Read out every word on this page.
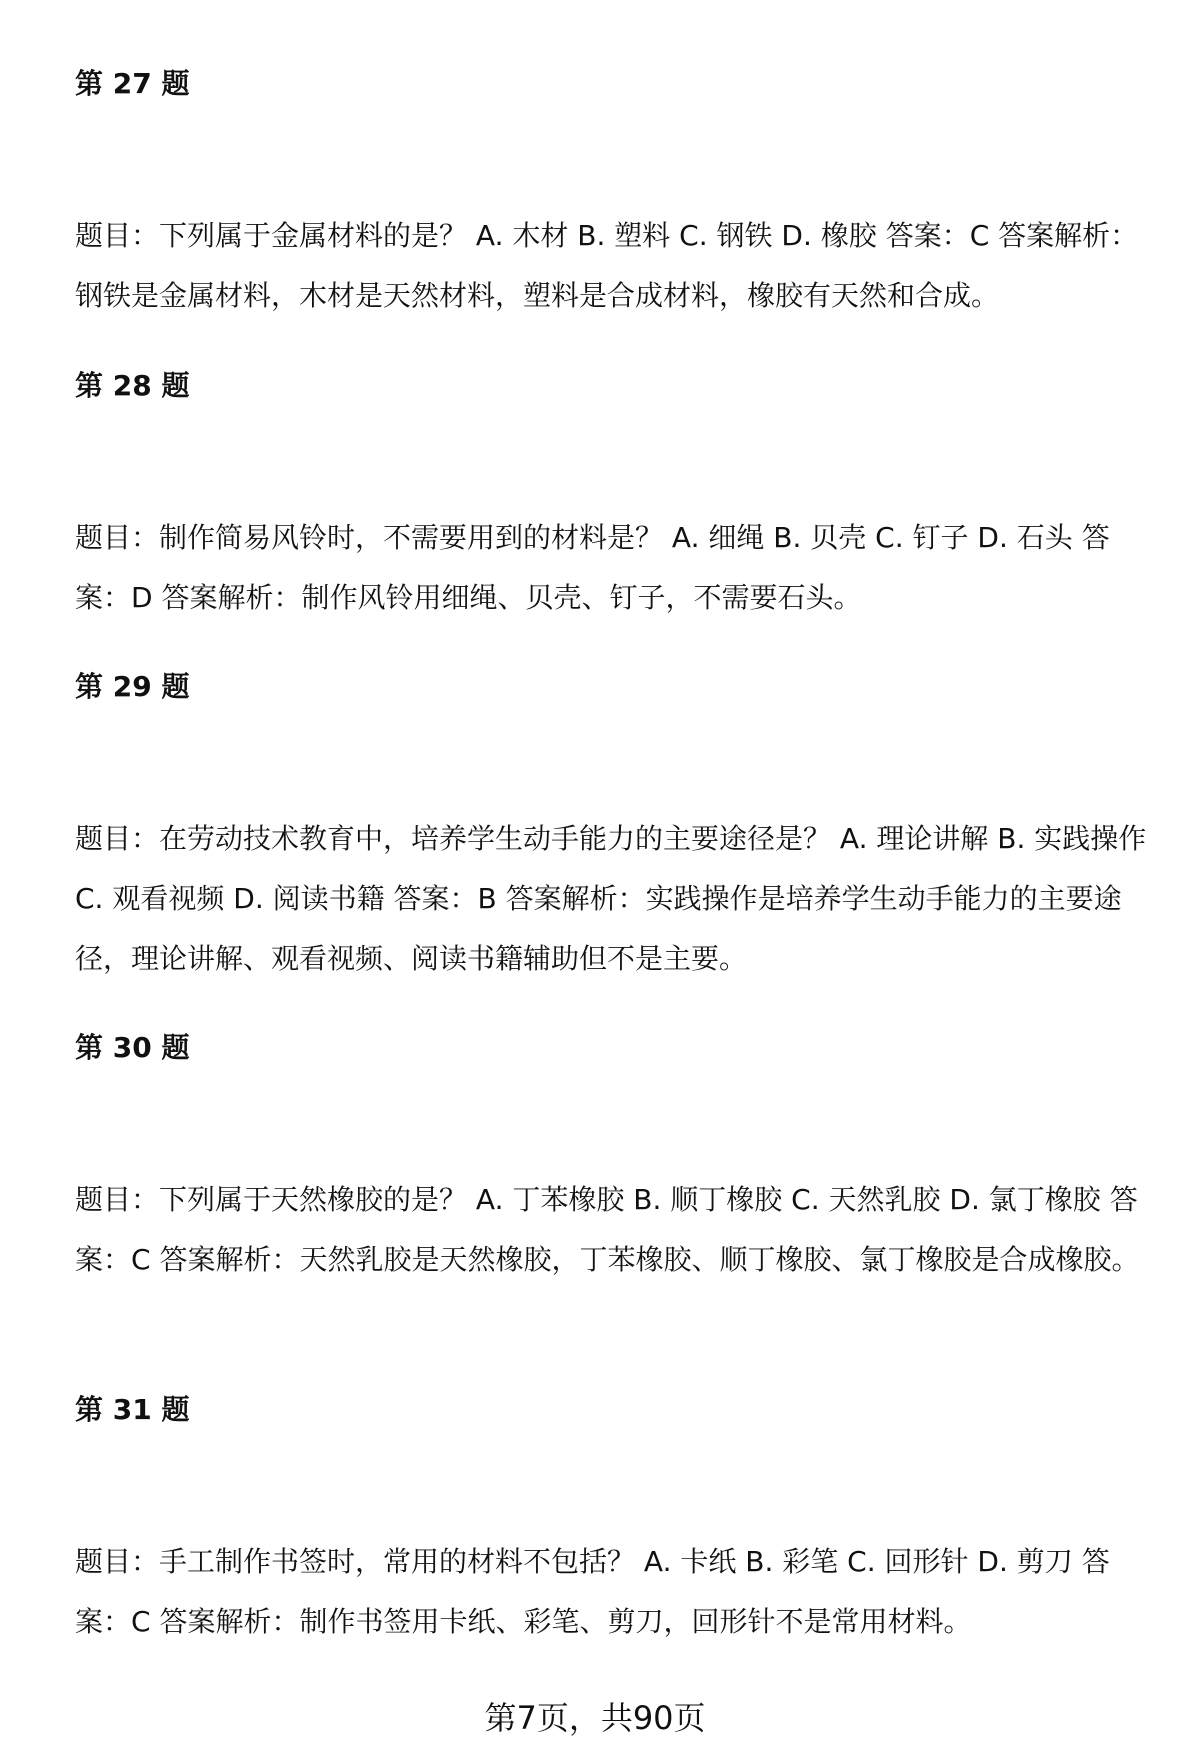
第 27 题

题目：下列属于金属材料的是？ A. 木材 B. 塑料 C. 钢铁 D. 橡胶 答案：C 答案解析：钢铁是金属材料，木材是天然材料，塑料是合成材料，橡胶有天然和合成。

第 28 题

题目：制作简易风铃时，不需要用到的材料是？ A. 细绳 B. 贝壳 C. 钉子 D. 石头 答案：D 答案解析：制作风铃用细绳、贝壳、钉子，不需要石头。

第 29 题

题目：在劳动技术教育中，培养学生动手能力的主要途径是？ A. 理论讲解 B. 实践操作 C. 观看视频 D. 阅读书籍 答案：B 答案解析：实践操作是培养学生动手能力的主要途径，理论讲解、观看视频、阅读书籍辅助但不是主要。

第 30 题

题目：下列属于天然橡胶的是？ A. 丁苯橡胶 B. 顺丁橡胶 C. 天然乳胶 D. 氯丁橡胶 答案：C 答案解析：天然乳胶是天然橡胶，丁苯橡胶、顺丁橡胶、氯丁橡胶是合成橡胶。

第 31 题

题目：手工制作书签时，常用的材料不包括？ A. 卡纸 B. 彩笔 C. 回形针 D. 剪刀 答案：C 答案解析：制作书签用卡纸、彩笔、剪刀，回形针不是常用材料。

第7页，共90页
